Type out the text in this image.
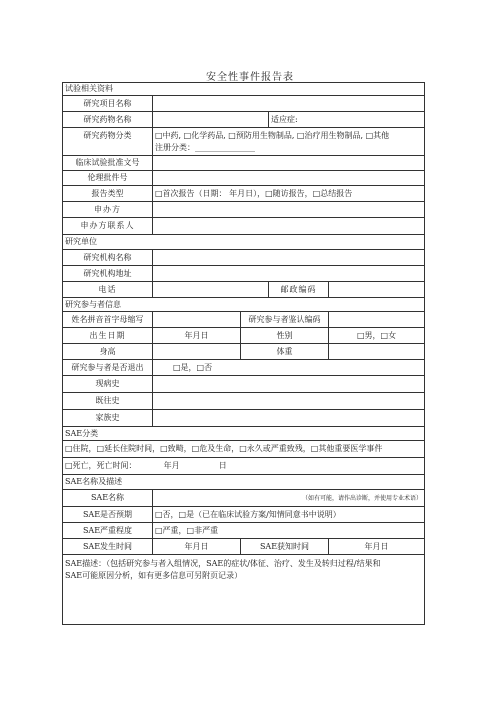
安全性事件报告表
试验相关资料				
研究项目名称				
研究药物名称			适应症:	
研究药物分类	□中药, □化学药品, □预防用生物制品, □治疗用生物制品, □其他
注册分类：_______________			

临床试验批准文号				
伦理批件号				
报告类型	□首次报告（日期： 年月日），□随访报告，□总结报告			
申办方				
申办方联系人				
研究单位				
研究机构名称				
研究机构地址				
电话			邮政编码	
研究参与者信息				
姓名拼音首字母缩写		研究参与者鉴认编码		
出生日期	年月日	性别		□男，□女
身高		体重		
研究参与者是否退出	□是，□否			
现病史				
既往史				
家族史				
SAE分类				
□住院，□延长住院时间，□致畸，□危及生命，□永久或严重致残，□其他重要医学事件				
□死亡，死亡时间： 年月 日				
SAE名称及描述				
SAE名称	（如有可能，请作出诊断，并使用专业术语）			
SAE是否预期	□否，□是（已在临床试验方案/知情同意书中说明）			
SAE严重程度	□严重，□非严重			
SAE发生时间	年月日	SAE获知时间		年月日

SAE描述：（包括研究参与者入组情况，SAE的症状/体征、治疗、发生及转归过程/结果和
SAE可能原因分析，如有更多信息可另附页记录）				
